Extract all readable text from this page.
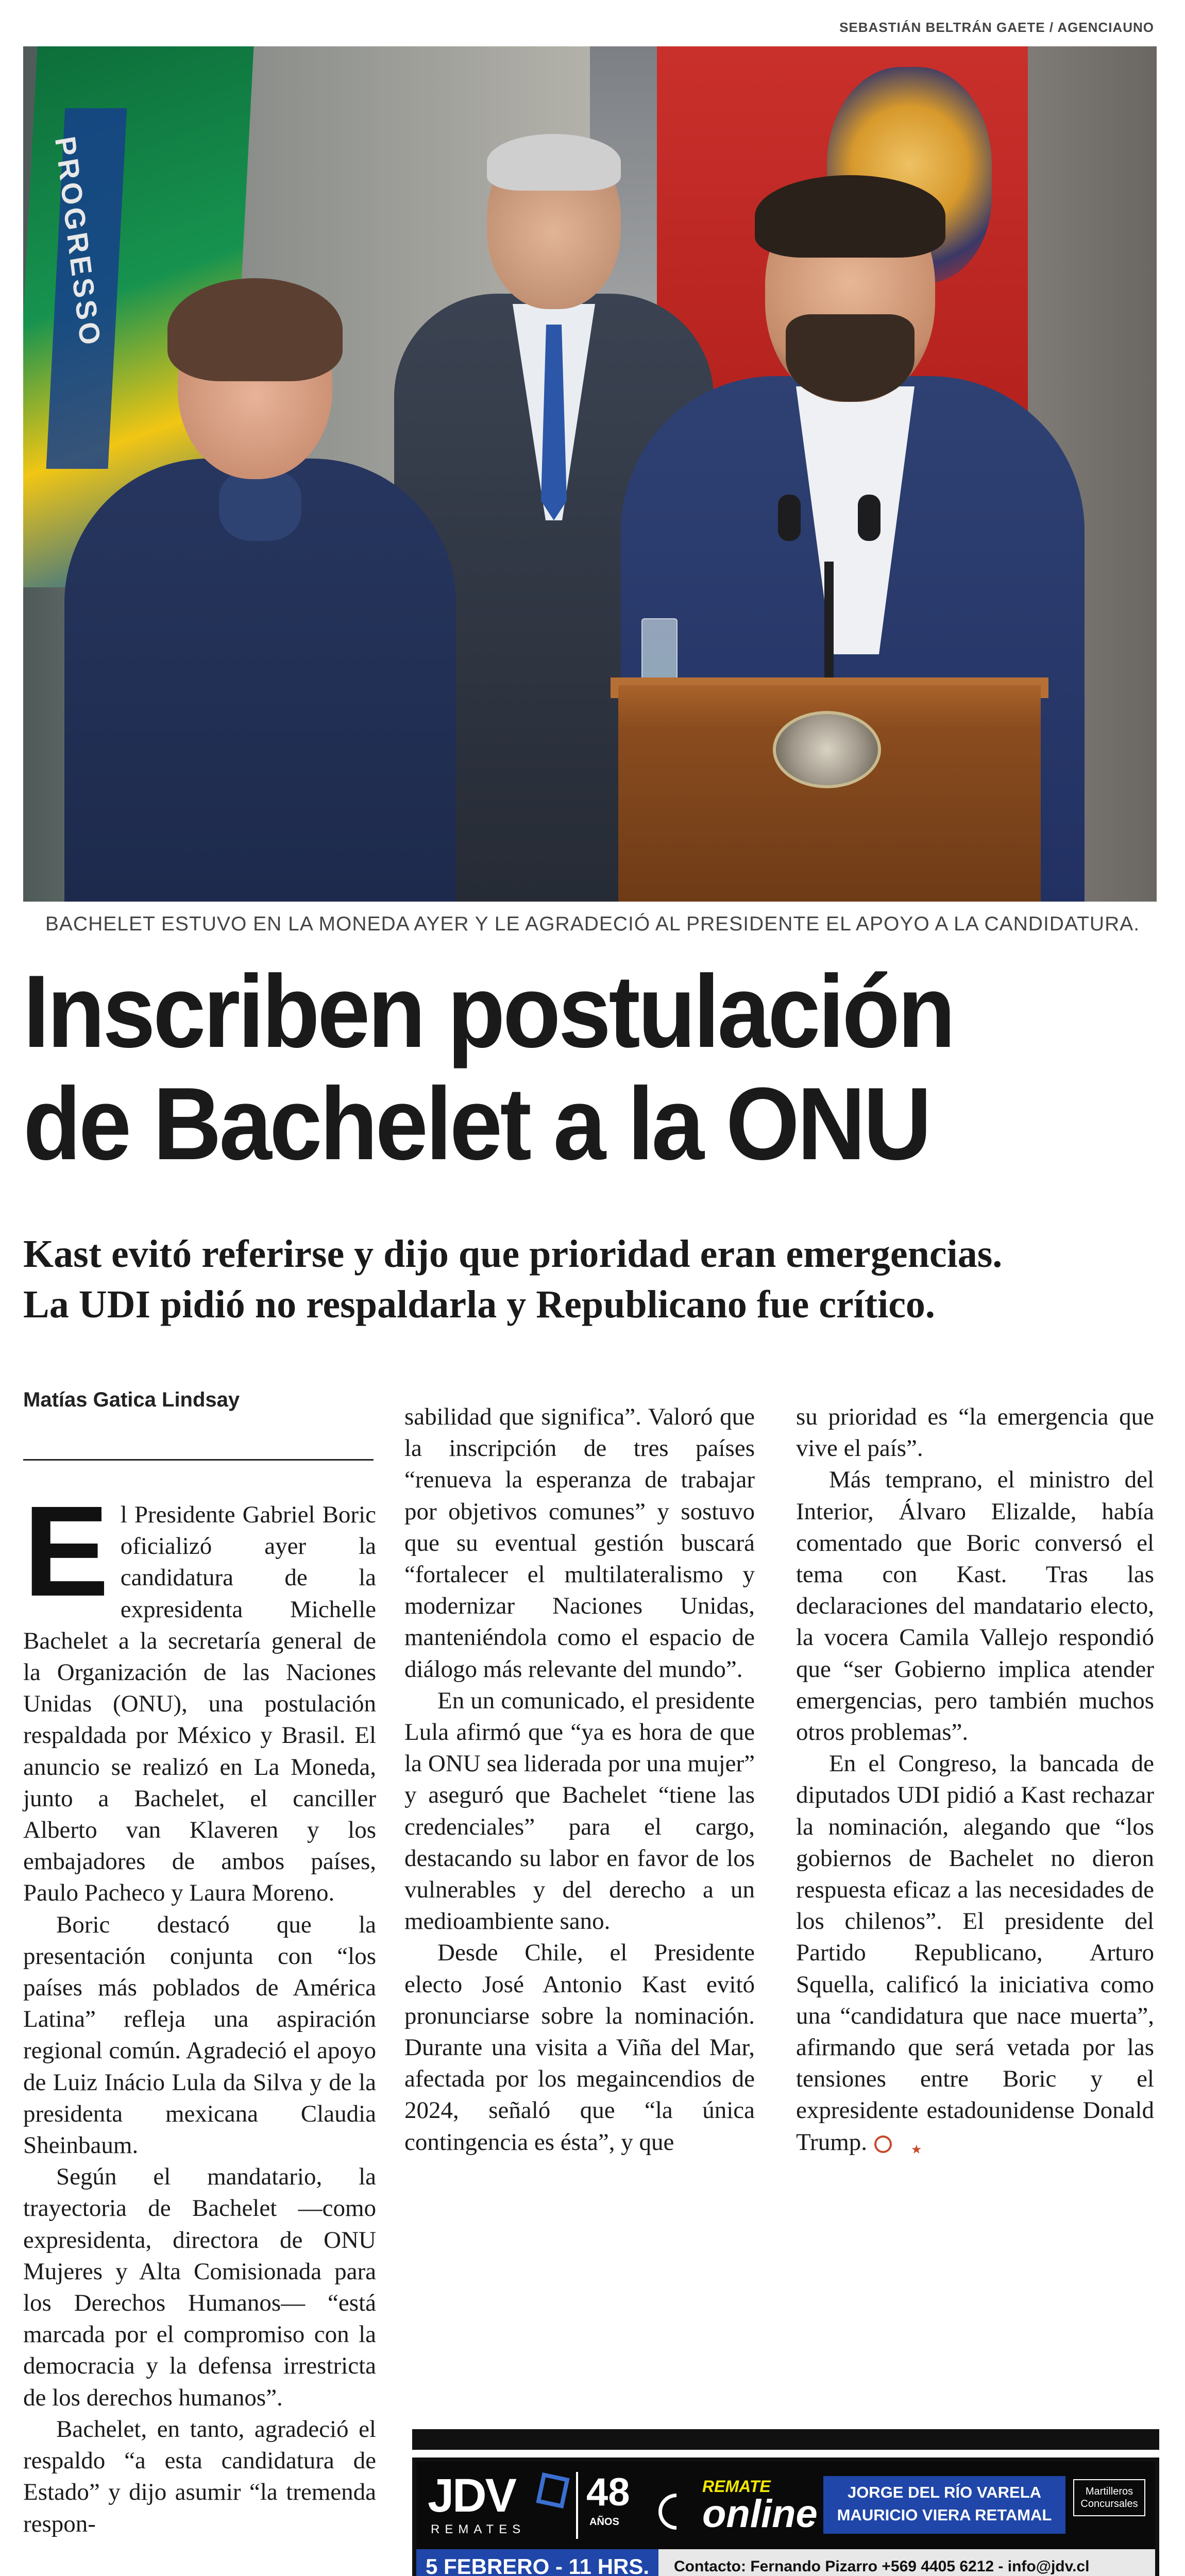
SEBASTIÁN BELTRÁN GAETE / AGENCIAUNO
PROGRESSO
BACHELET ESTUVO EN LA MONEDA AYER Y LE AGRADECIÓ AL PRESIDENTE EL APOYO A LA CANDIDATURA.
Inscriben postulación
de Bachelet a la ONU
Kast evitó referirse y dijo que prioridad eran emergencias.
La UDI pidió no respaldarla y Republicano fue crítico.
Matías Gatica Lindsay

El Presidente Gabriel Boric oficializó ayer la candidatura de la expresidenta Michelle Bachelet a la secretaría general de la Organización de las Naciones Unidas (ONU), una postulación respaldada por México y Brasil. El anuncio se realizó en La Moneda, junto a Bachelet, el canciller Alberto van Klaveren y los embajadores de ambos países, Paulo Pacheco y Laura Moreno.

Boric destacó que la presentación conjunta con “los países más poblados de América Latina” refleja una aspiración regional común. Agradeció el apoyo de Luiz Inácio Lula da Silva y de la presidenta mexicana Claudia Sheinbaum.

Según el mandatario, la trayectoria de Bachelet —como expresidenta, directora de ONU Mujeres y Alta Comisionada para los Derechos Humanos— “está marcada por el compromiso con la democracia y la defensa irrestricta de los derechos humanos”.

Bachelet, en tanto, agradeció el respaldo “a esta candidatura de Estado” y dijo asumir “la tremenda respon-

sabilidad que significa”. Valoró que la inscripción de tres países “renueva la esperanza de trabajar por objetivos comunes” y sostuvo que su eventual gestión buscará “fortalecer el multilateralismo y modernizar Naciones Unidas, manteniéndola como el espacio de diálogo más relevante del mundo”.

En un comunicado, el presidente Lula afirmó que “ya es hora de que la ONU sea liderada por una mujer” y aseguró que Bachelet “tiene las credenciales” para el cargo, destacando su labor en favor de los vulnerables y del derecho a un medioambiente sano.

Desde Chile, el Presidente electo José Antonio Kast evitó pronunciarse sobre la nominación. Durante una visita a Viña del Mar, afectada por los megaincendios de 2024, señaló que “la única contingencia es ésta”, y que

su prioridad es “la emergencia que vive el país”.

Más temprano, el ministro del Interior, Álvaro Elizalde, había comentado que Boric conversó el tema con Kast. Tras las declaraciones del mandatario electo, la vocera Camila Vallejo respondió que “ser Gobierno implica atender emergencias, pero también muchos otros problemas”.

En el Congreso, la bancada de diputados UDI pidió a Kast rechazar la nominación, alegando que “los gobiernos de Bachelet no dieron respuesta eficaz a las necesidades de los chilenos”. El presidente del Partido Republicano, Arturo Squella, calificó la iniciativa como una “candidatura que nace muerta”, afirmando que será vetada por las tensiones entre Boric y el expresidente estadounidense Donald Trump.★

JDV
REMATES
48
AÑOS
REMATE
online	JORGE DEL RÍO VARELA
MAURICIO VIERA RETAMAL
Martilleros Concursales
5 FEBRERO - 11 HRS.	Contacto: Fernando Pizarro +569 4405 6212 - info@jdv.cl
